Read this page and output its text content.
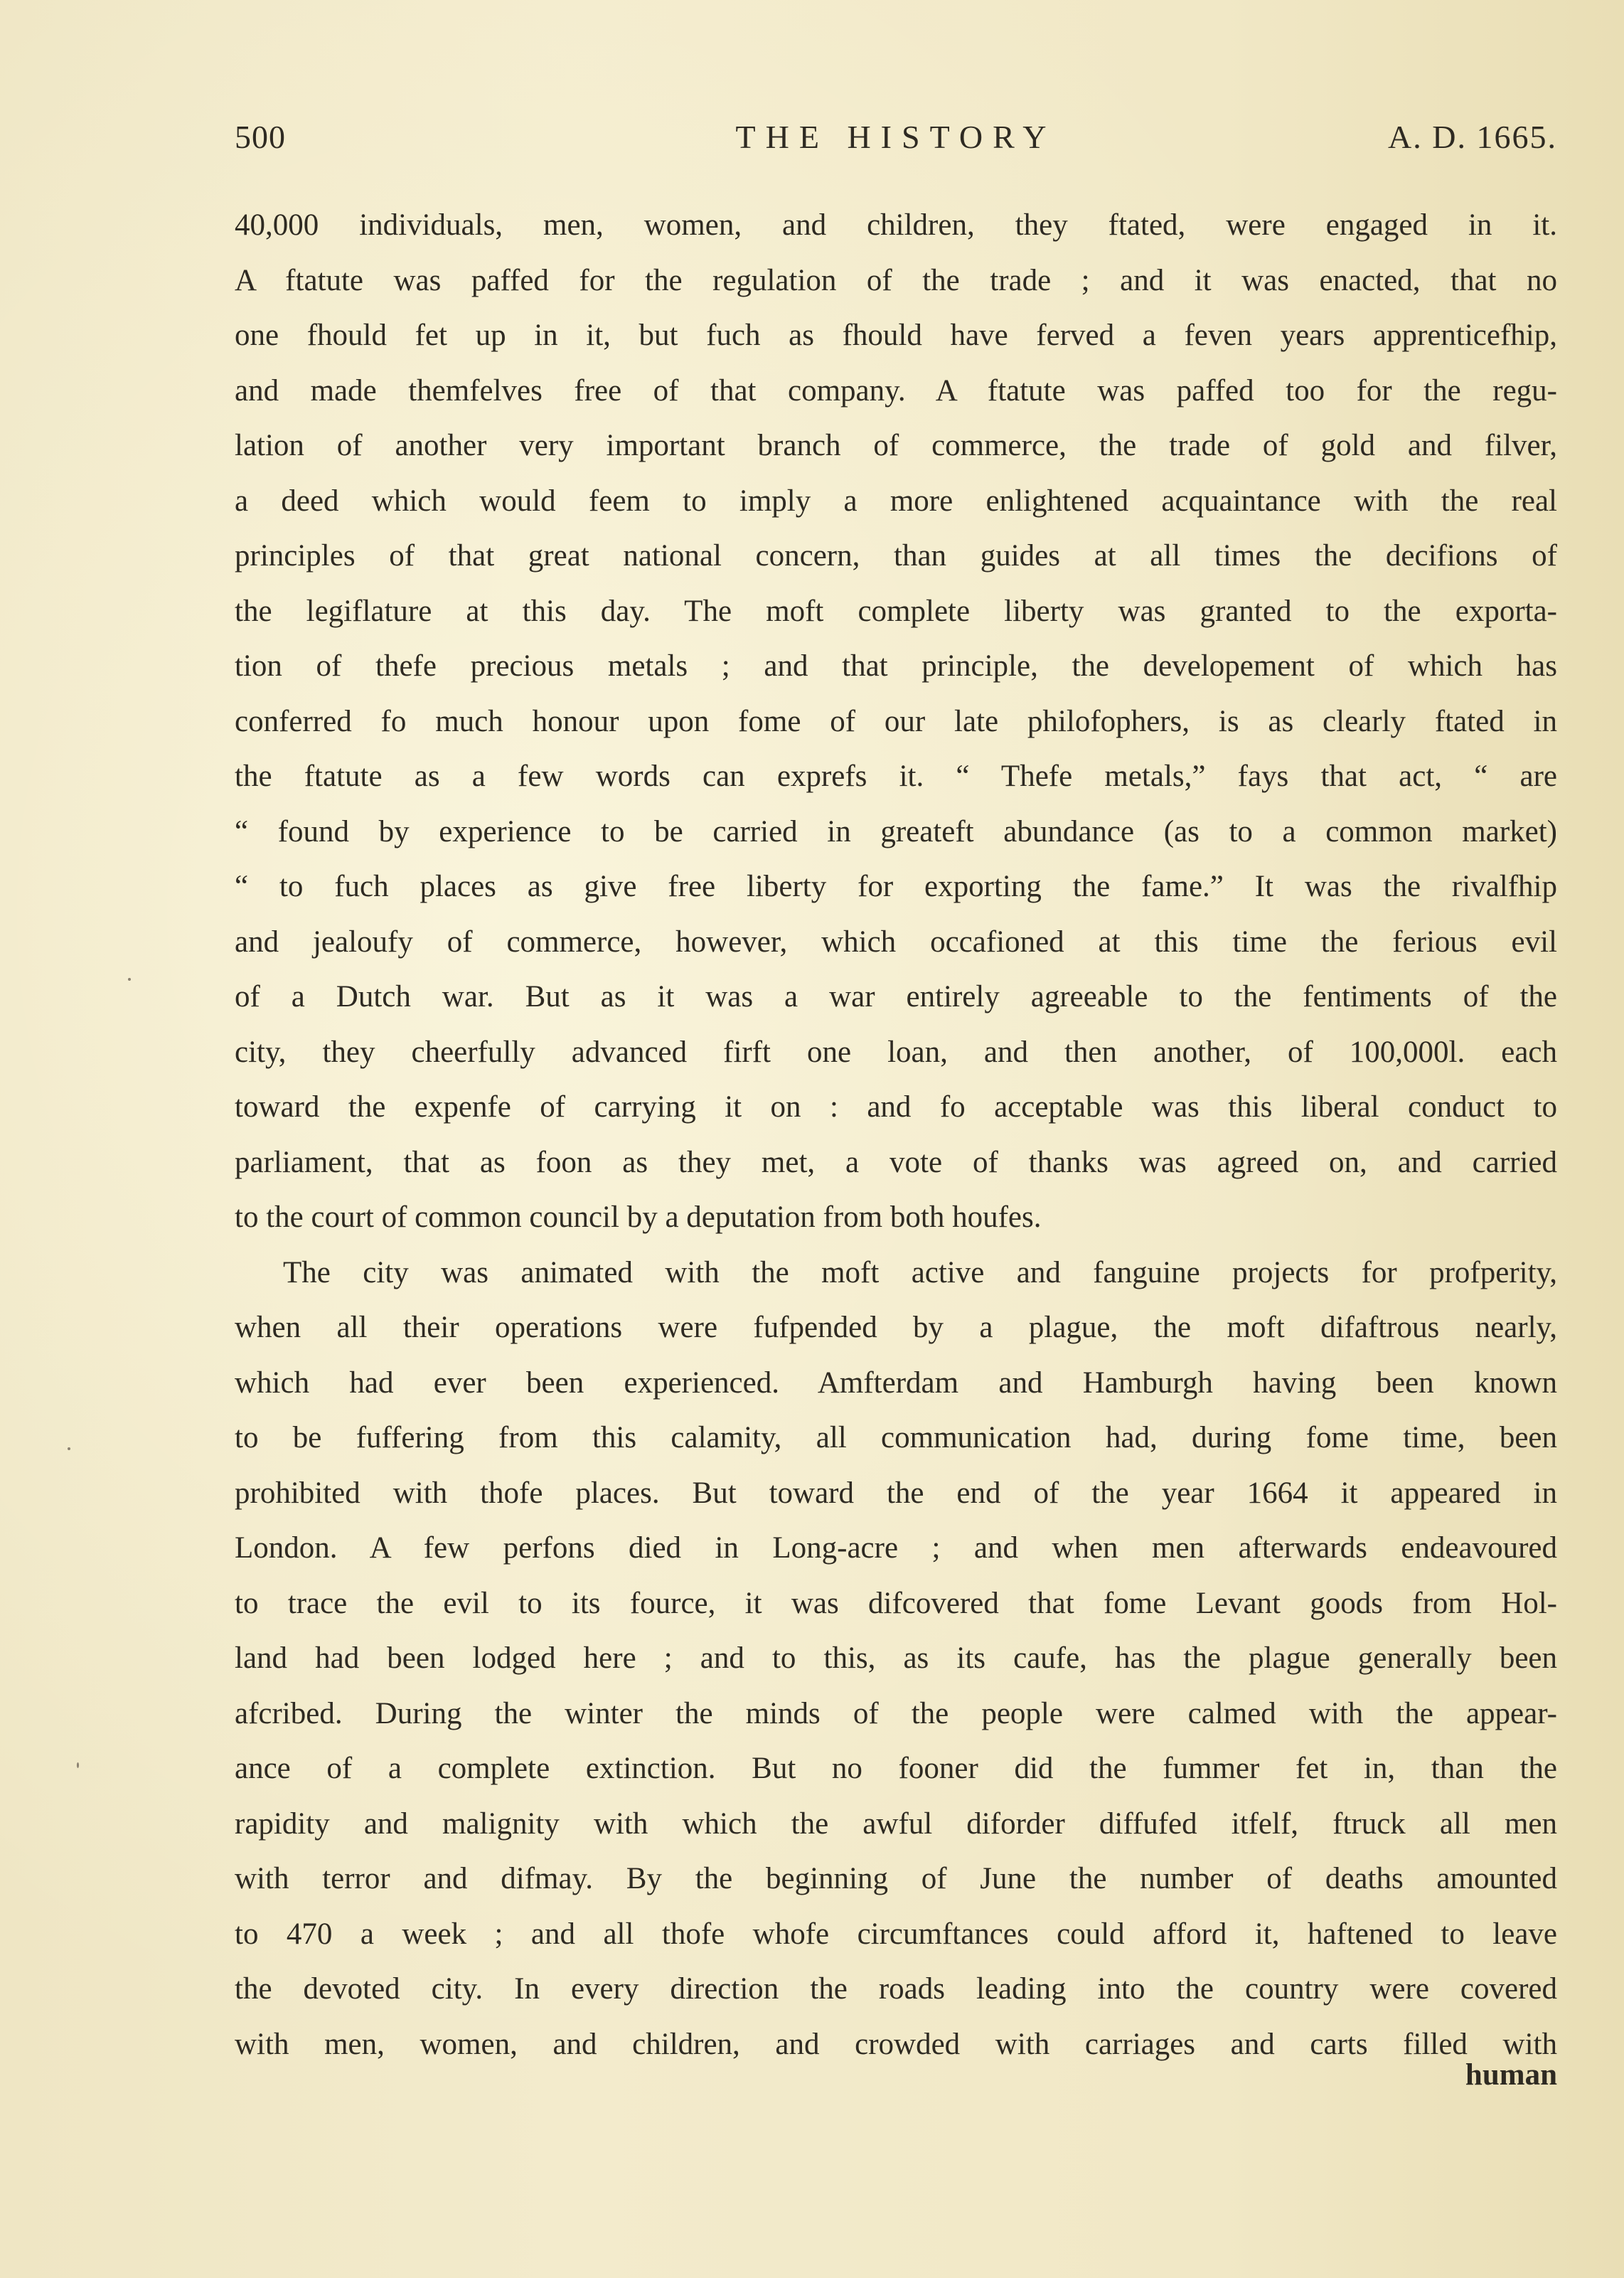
500	THE HISTORY	A. D. 1665.
40,000 individuals, men, women, and children, they ftated, were engaged in it.
A ftatute was paffed for the regulation of the trade ; and it was enacted, that no
one fhould fet up in it, but fuch as fhould have ferved a feven years apprenticefhip,
and made themfelves free of that company. A ftatute was paffed too for the regu-
lation of another very important branch of commerce, the trade of gold and filver,
a deed which would feem to imply a more enlightened acquaintance with the real
principles of that great national concern, than guides at all times the decifions of
the legiflature at this day. The moft complete liberty was granted to the exporta-
tion of thefe precious metals ; and that principle, the developement of which has
conferred fo much honour upon fome of our late philofophers, is as clearly ftated in
the ftatute as a few words can exprefs it. “ Thefe metals,” fays that act, “ are
“ found by experience to be carried in greateft abundance (as to a common market)
“ to fuch places as give free liberty for exporting the fame.” It was the rivalfhip
and jealoufy of commerce, however, which occafioned at this time the ferious evil
of a Dutch war. But as it was a war entirely agreeable to the fentiments of the
city, they cheerfully advanced firft one loan, and then another, of 100,000l. each
toward the expenfe of carrying it on : and fo acceptable was this liberal conduct to
parliament, that as foon as they met, a vote of thanks was agreed on, and carried
to the court of common council by a deputation from both houfes.
The city was animated with the moft active and fanguine projects for profperity,
when all their operations were fufpended by a plague, the moft difaftrous nearly,
which had ever been experienced. Amfterdam and Hamburgh having been known
to be fuffering from this calamity, all communication had, during fome time, been
prohibited with thofe places. But toward the end of the year 1664 it appeared in
London. A few perfons died in Long-acre ; and when men afterwards endeavoured
to trace the evil to its fource, it was difcovered that fome Levant goods from Hol-
land had been lodged here ; and to this, as its caufe, has the plague generally been
afcribed. During the winter the minds of the people were calmed with the appear-
ance of a complete extinction. But no fooner did the fummer fet in, than the
rapidity and malignity with which the awful diforder diffufed itfelf, ftruck all men
with terror and difmay. By the beginning of June the number of deaths amounted
to 470 a week ; and all thofe whofe circumftances could afford it, haftened to leave
the devoted city. In every direction the roads leading into the country were covered
with men, women, and children, and crowded with carriages and carts filled with
human
